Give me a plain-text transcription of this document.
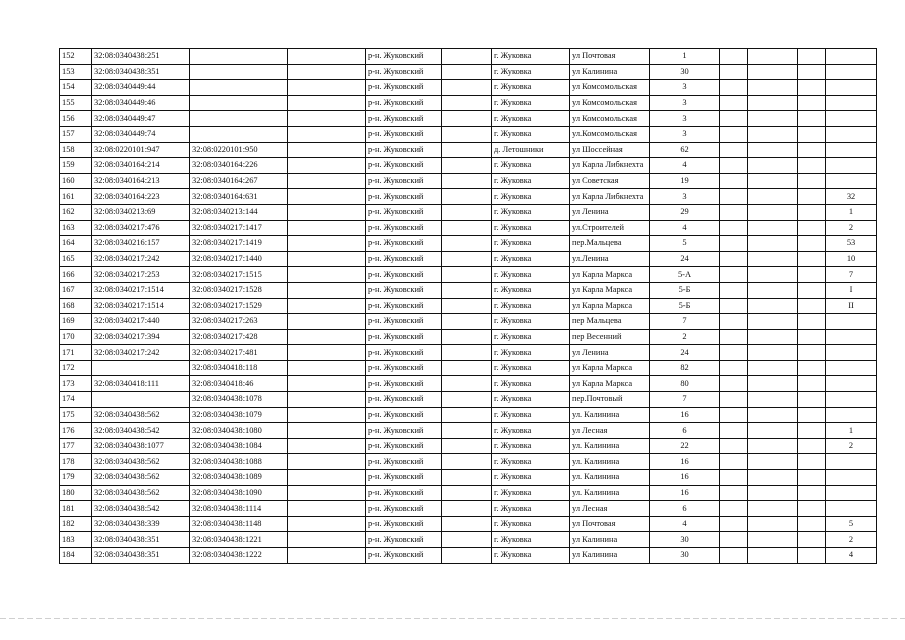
152	32:08:0340438:251			р-н. Жуковский		г. Жуковка	ул Почтовая	1				
153	32:08:0340438:351			р-н. Жуковский		г. Жуковка	ул Калинина	30				
154	32:08:0340449:44			р-н. Жуковский		г. Жуковка	ул Комсомольская	3				
155	32:08:0340449:46			р-н. Жуковский		г. Жуковка	ул Комсомольская	3				
156	32:08:0340449:47			р-н. Жуковский		г. Жуковка	ул Комсомольская	3				
157	32:08:0340449:74			р-н. Жуковский		г. Жуковка	ул.Комсомольская	3				
158	32:08:0220101:947	32:08:0220101:950		р-н. Жуковский		д. Летошники	ул Шоссейная	62				
159	32:08:0340164:214	32:08:0340164:226		р-н. Жуковский		г. Жуковка	ул Карла Либкнехта	4				
160	32:08:0340164:213	32:08:0340164:267		р-н. Жуковский		г. Жуковка	ул Советская	19				
161	32:08:0340164:223	32:08:0340164:631		р-н. Жуковский		г. Жуковка	ул Карла Либкнехта	3				32
162	32:08:0340213:69	32:08:0340213:144		р-н. Жуковский		г. Жуковка	ул Ленина	29				1
163	32:08:0340217:476	32:08:0340217:1417		р-н. Жуковский		г. Жуковка	ул.Строителей	4				2
164	32:08:0340216:157	32:08:0340217:1419		р-н. Жуковский		г. Жуковка	пер.Мальцева	5				53
165	32:08:0340217:242	32:08:0340217:1440		р-н. Жуковский		г. Жуковка	ул.Ленина	24				10
166	32:08:0340217:253	32:08:0340217:1515		р-н. Жуковский		г. Жуковка	ул Карла Маркса	5-А				7
167	32:08:0340217:1514	32:08:0340217:1528		р-н. Жуковский		г. Жуковка	ул Карла Маркса	5-Б				I
168	32:08:0340217:1514	32:08:0340217:1529		р-н. Жуковский		г. Жуковка	ул Карла Маркса	5-Б				II
169	32:08:0340217:440	32:08:0340217:263		р-н. Жуковский		г. Жуковка	пер Мальцева	7				
170	32:08:0340217:394	32:08:0340217:428		р-н. Жуковский		г. Жуковка	пер Весенний	2				
171	32:08:0340217:242	32:08:0340217:481		р-н. Жуковский		г. Жуковка	ул Ленина	24				
172		32:08:0340418:118		р-н. Жуковский		г. Жуковка	ул Карла Маркса	82				
173	32:08:0340418:111	32:08:0340418:46		р-н. Жуковский		г. Жуковка	ул Карла Маркса	80				
174		32:08:0340438:1078		р-н. Жуковский		г. Жуковка	пер.Почтовый	7				
175	32:08:0340438:562	32:08:0340438:1079		р-н. Жуковский		г. Жуковка	ул. Калинина	16				
176	32:08:0340438:542	32:08:0340438:1080		р-н. Жуковский		г. Жуковка	ул Лесная	6				1
177	32:08:0340438:1077	32:08:0340438:1084		р-н. Жуковский		г. Жуковка	ул. Калинина	22				2
178	32:08:0340438:562	32:08:0340438:1088		р-н. Жуковский		г. Жуковка	ул. Калинина	16				
179	32:08:0340438:562	32:08:0340438:1089		р-н. Жуковский		г. Жуковка	ул. Калинина	16				
180	32:08:0340438:562	32:08:0340438:1090		р-н. Жуковский		г. Жуковка	ул. Калинина	16				
181	32:08:0340438:542	32:08:0340438:1114		р-н. Жуковский		г. Жуковка	ул Лесная	6				
182	32:08:0340438:339	32:08:0340438:1148		р-н. Жуковский		г. Жуковка	ул Почтовая	4				5
183	32:08:0340438:351	32:08:0340438:1221		р-н. Жуковский		г. Жуковка	ул Калинина	30				2
184	32:08:0340438:351	32:08:0340438:1222		р-н. Жуковский		г. Жуковка	ул Калинина	30				4
